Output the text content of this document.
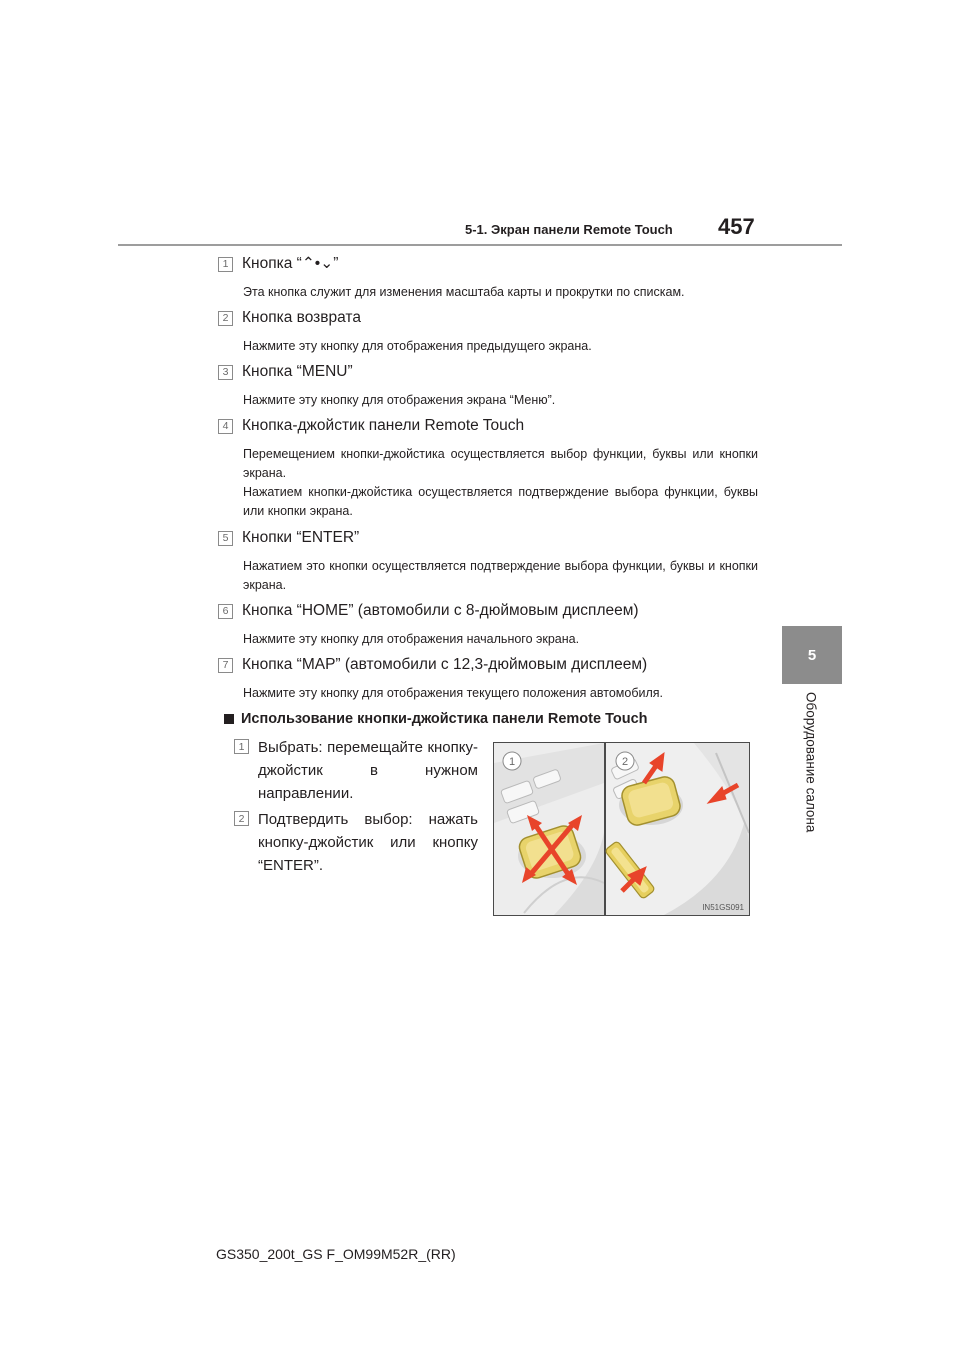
5-1. Экран панели Remote Touch 457
5
Оборудование салона
1 Кнопка “⌃•⌄”

Эта кнопка служит для изменения масштаба карты и прокрутки по спискам.

2 Кнопка возврата

Нажмите эту кнопку для отображения предыдущего экрана.

3 Кнопка “MENU”

Нажмите эту кнопку для отображения экрана “Меню”.

4 Кнопка-джойстик панели Remote Touch

Перемещением кнопки-джойстика осуществляется выбор функции, буквы или кнопки экрана.

Нажатием кнопки-джойстика осуществляется подтверждение выбора функции, буквы или кнопки экрана.

5 Кнопки “ENTER”

Нажатием это кнопки осуществляется подтверждение выбора функции, буквы и кнопки экрана.

6 Кнопка “HOME” (автомобили с 8-дюймовым дисплеем)

Нажмите эту кнопку для отображения начального экрана.

7 Кнопка “MAP” (автомобили с 12,3-дюймовым дисплеем)

Нажмите эту кнопку для отображения текущего положения автомобиля.

Использование кнопки-джойстика панели Remote Touch
1 Выбрать: перемещайте кнопку-джойстик в нужном направлении.
2 Подтвердить выбор: нажать кнопку-джойстик или кнопку “ENTER”.
1	2
IN51GS091
GS350_200t_GS F_OM99M52R_(RR)
